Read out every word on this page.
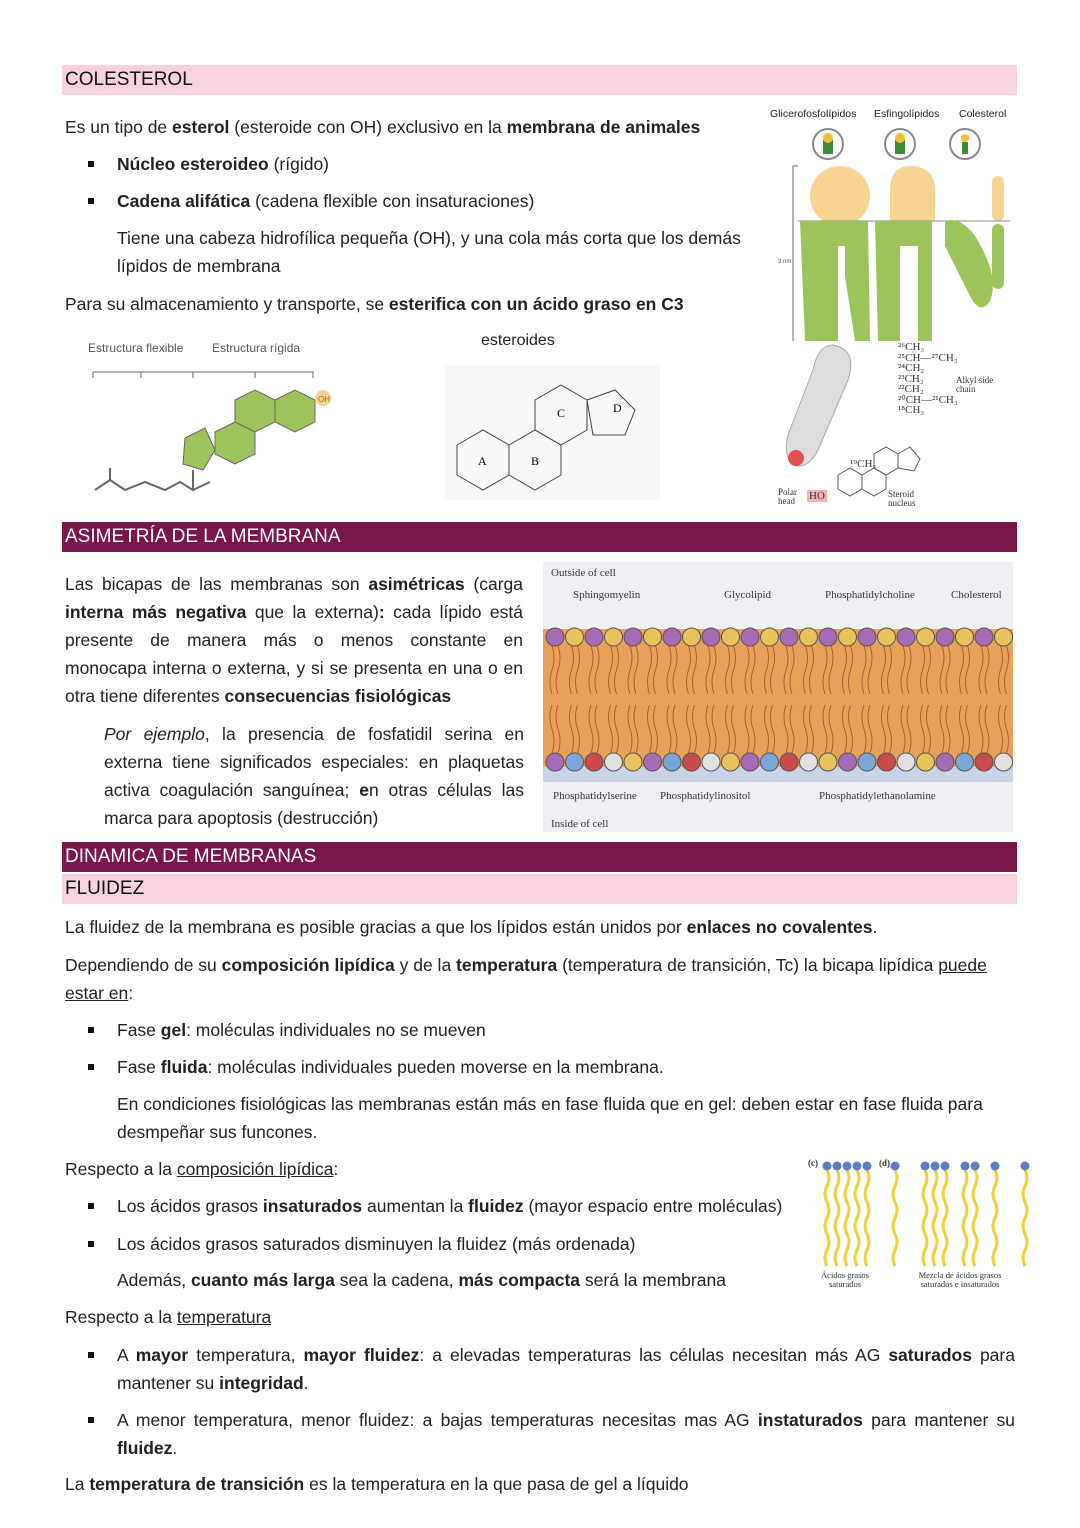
COLESTEROL
Es un tipo de esterol (esteroide con OH) exclusivo en la membrana de animales
Núcleo esteroideo (rígido)
Cadena alifática (cadena flexible con insaturaciones)
Tiene una cabeza hidrofílica pequeña (OH), y una cola más corta que los demás lípidos de membrana
Para su almacenamiento y transporte, se esterifica con un ácido graso en C3
Estructura flexible Estructura rígida
OH
esteroides
A	B
C	D
Glicerofosfolípidos Esfingolípidos Colesterol
3 nm
²⁶CH₃
²⁵CH—²⁷CH₃
²⁴CH₂
²³CH₂
²²CH₂
²⁰CH—²¹CH₃
¹⁸CH₃
¹⁹CH₃
Alkyl side chain
Polar head	HO	Steroid nucleus
ASIMETRÍA DE LA MEMBRANA
Las bicapas de las membranas son asimétricas (carga interna más negativa que la externa): cada lípido está presente de manera más o menos constante en monocapa interna o externa, y si se presenta en una o en otra tiene diferentes consecuencias fisiológicas
Por ejemplo, la presencia de fosfatidil serina en externa tiene significados especiales: en plaquetas activa coagulación sanguínea; en otras células las marca para apoptosis (destrucción)
Outside of cell
Sphingomyelin	Glycolipid	Phosphatidylcholine	Cholesterol
Phosphatidylserine Phosphatidylinositol	Phosphatidylethanolamine
Inside of cell
DINAMICA DE MEMBRANAS
FLUIDEZ
La fluidez de la membrana es posible gracias a que los lípidos están unidos por enlaces no covalentes.
Dependiendo de su composición lipídica y de la temperatura (temperatura de transición, Tc) la bicapa lipídica puede estar en:
Fase gel: moléculas individuales no se mueven
Fase fluida: moléculas individuales pueden moverse en la membrana.
En condiciones fisiológicas las membranas están más en fase fluida que en gel: deben estar en fase fluida para desmpeñar sus funcones.
Respecto a la composición lipídica:
Los ácidos grasos insaturados aumentan la fluidez (mayor espacio entre moléculas)
Los ácidos grasos saturados disminuyen la fluidez (más ordenada)
Además, cuanto más larga sea la cadena, más compacta será la membrana
(c)	(d)
Ácidos grasos saturados
Mezcla de ácidos grasos saturados e insaturados
Respecto a la temperatura
A mayor temperatura, mayor fluidez: a elevadas temperaturas las células necesitan más AG saturados para mantener su integridad.
A menor temperatura, menor fluidez: a bajas temperaturas necesitas mas AG instaturados para mantener su fluidez.
La temperatura de transición es la temperatura en la que pasa de gel a líquido
